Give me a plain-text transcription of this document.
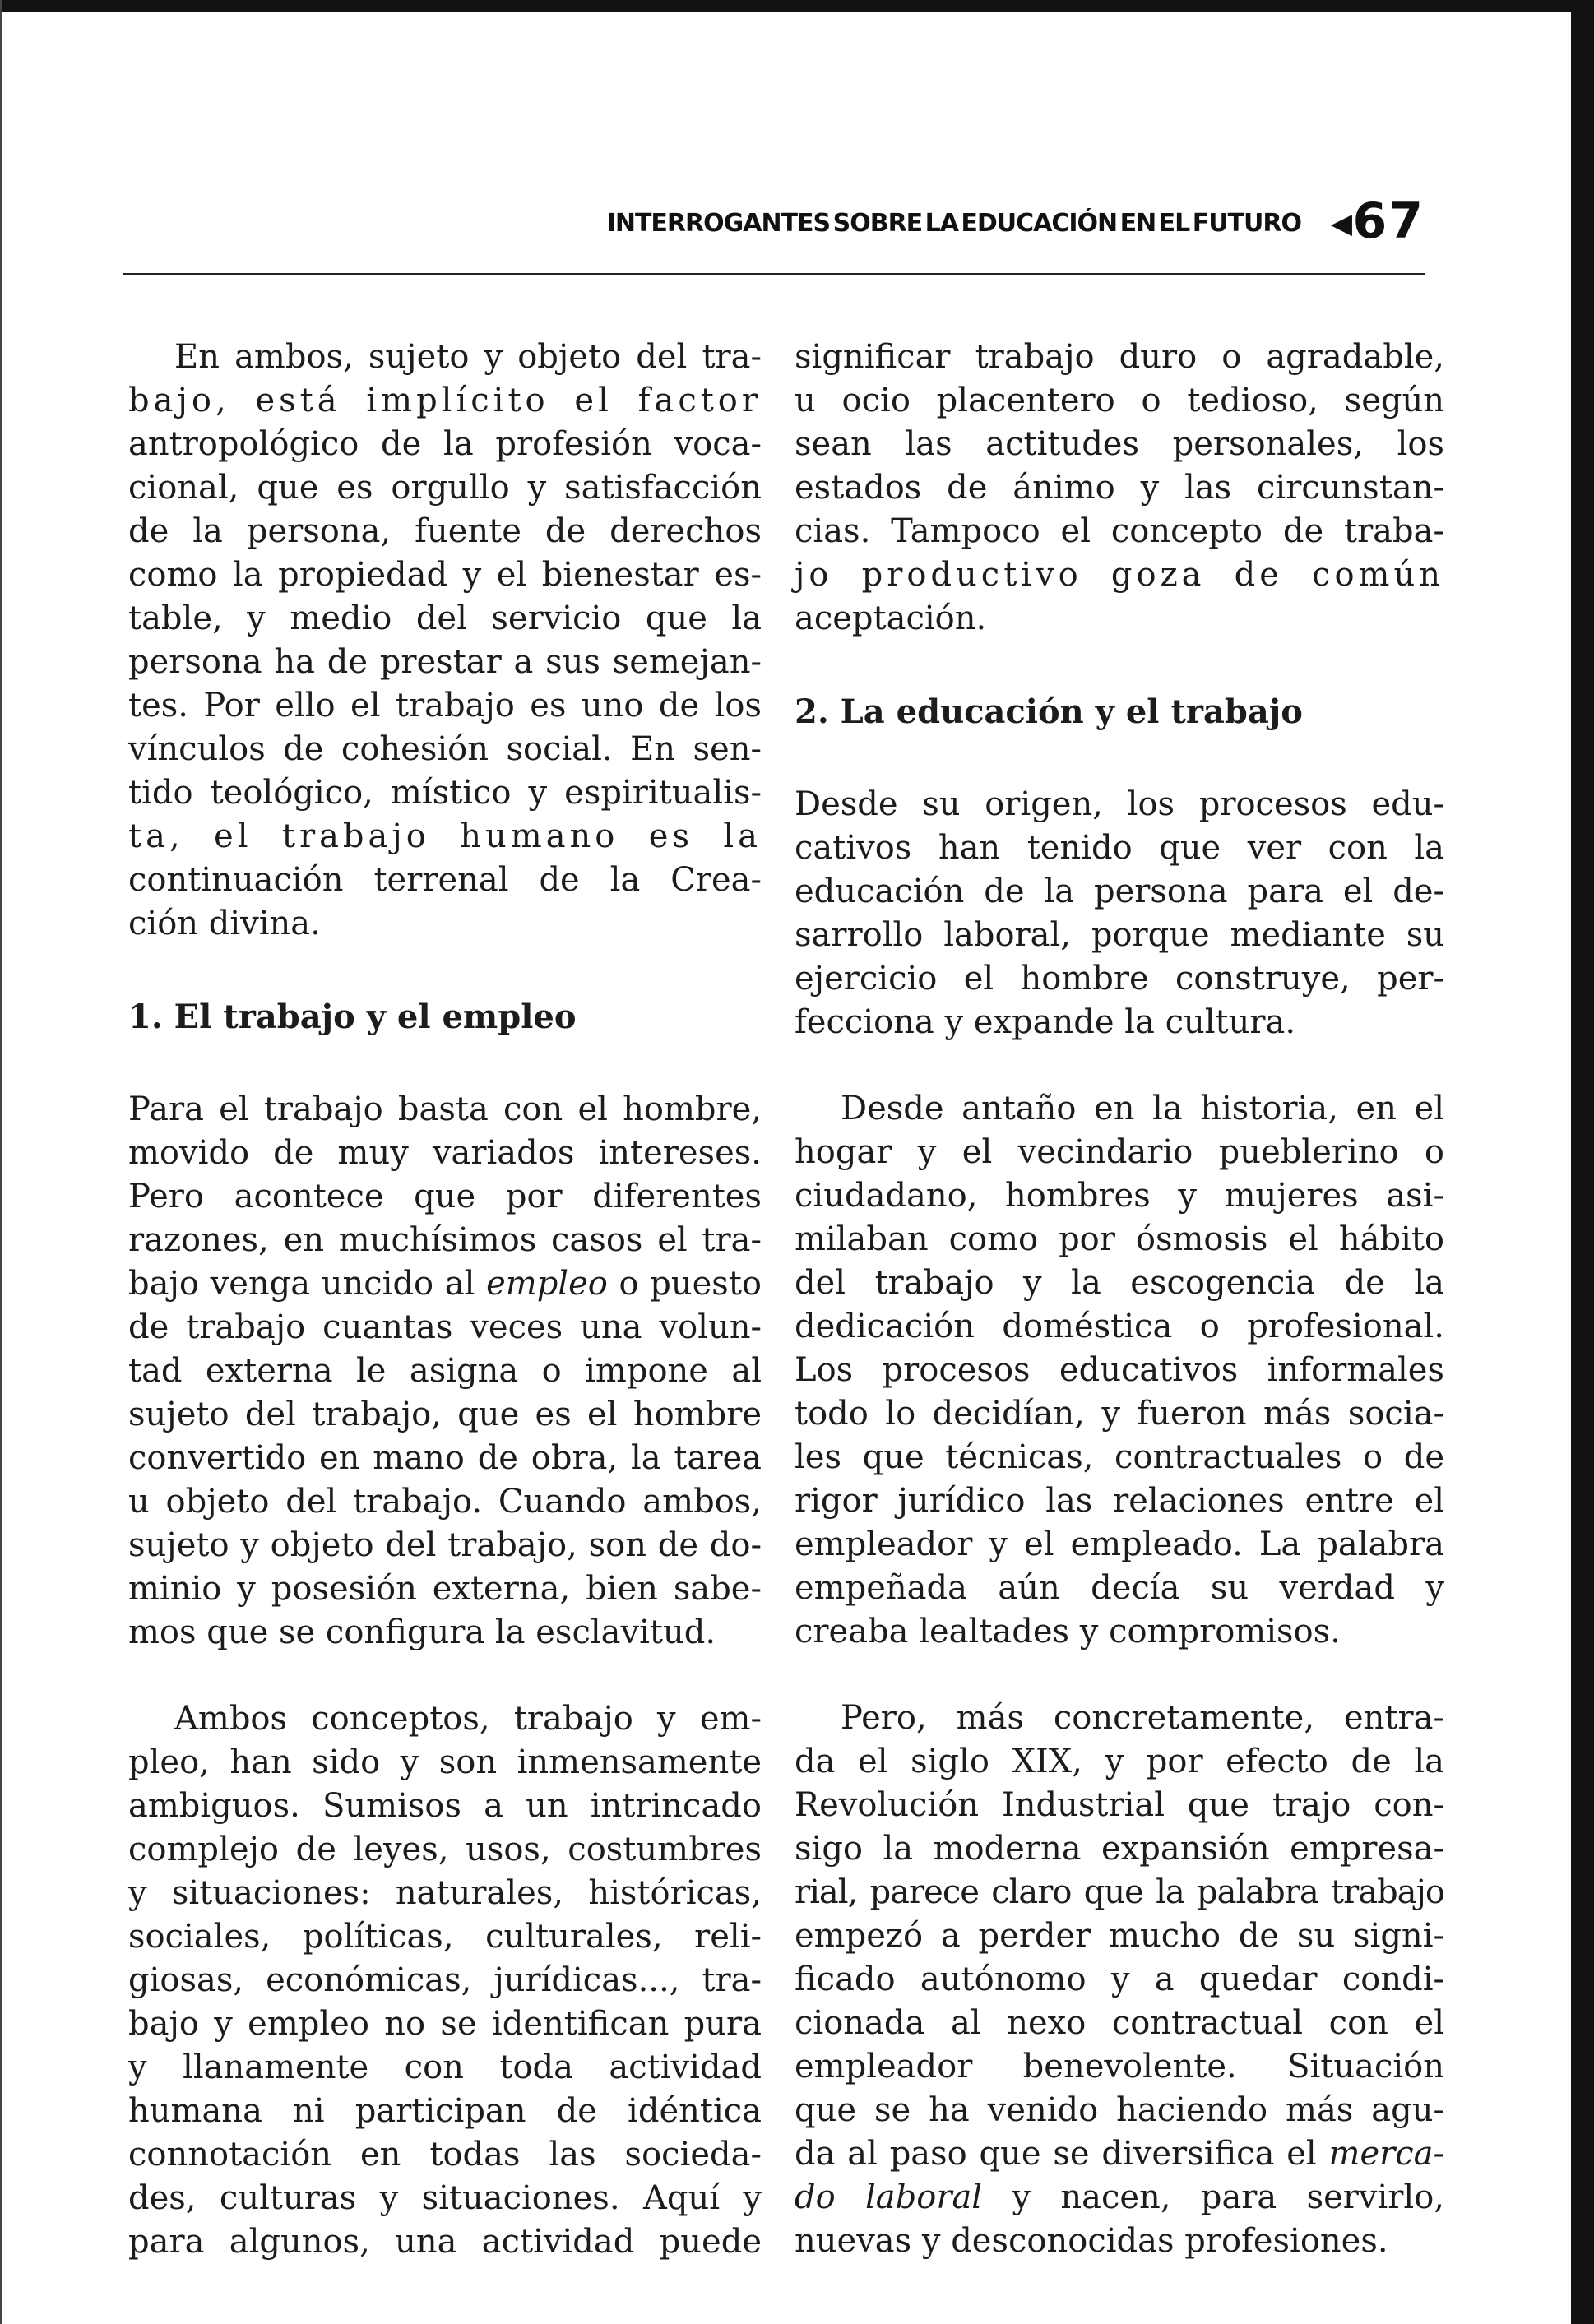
INTERROGANTES SOBRE LA EDUCACIÓN EN EL FUTURO ◀ 67
En ambos, sujeto y objeto del tra-
bajo, está implícito el factor
antropológico de la profesión voca-
cional, que es orgullo y satisfacción
de la persona, fuente de derechos
como la propiedad y el bienestar es-
table, y medio del servicio que la
persona ha de prestar a sus semejan-
tes. Por ello el trabajo es uno de los
vínculos de cohesión social. En sen-
tido teológico, místico y espiritualis-
ta, el trabajo humano es la
continuación terrenal de la Crea-
ción divina.
1. El trabajo y el empleo
Para el trabajo basta con el hombre,
movido de muy variados intereses.
Pero acontece que por diferentes
razones, en muchísimos casos el tra-
bajo venga uncido al empleo o puesto
de trabajo cuantas veces una volun-
tad externa le asigna o impone al
sujeto del trabajo, que es el hombre
convertido en mano de obra, la tarea
u objeto del trabajo. Cuando ambos,
sujeto y objeto del trabajo, son de do-
minio y posesión externa, bien sabe-
mos que se configura la esclavitud.
Ambos conceptos, trabajo y em-
pleo, han sido y son inmensamente
ambiguos. Sumisos a un intrincado
complejo de leyes, usos, costumbres
y situaciones: naturales, históricas,
sociales, políticas, culturales, reli-
giosas, económicas, jurídicas..., tra-
bajo y empleo no se identifican pura
y llanamente con toda actividad
humana ni participan de idéntica
connotación en todas las socieda-
des, culturas y situaciones. Aquí y
para algunos, una actividad puede
significar trabajo duro o agradable,
u ocio placentero o tedioso, según
sean las actitudes personales, los
estados de ánimo y las circunstan-
cias. Tampoco el concepto de traba-
jo productivo goza de común
aceptación.
2. La educación y el trabajo
Desde su origen, los procesos edu-
cativos han tenido que ver con la
educación de la persona para el de-
sarrollo laboral, porque mediante su
ejercicio el hombre construye, per-
fecciona y expande la cultura.
Desde antaño en la historia, en el
hogar y el vecindario pueblerino o
ciudadano, hombres y mujeres asi-
milaban como por ósmosis el hábito
del trabajo y la escogencia de la
dedicación doméstica o profesional.
Los procesos educativos informales
todo lo decidían, y fueron más socia-
les que técnicas, contractuales o de
rigor jurídico las relaciones entre el
empleador y el empleado. La palabra
empeñada aún decía su verdad y
creaba lealtades y compromisos.
Pero, más concretamente, entra-
da el siglo XIX, y por efecto de la
Revolución Industrial que trajo con-
sigo la moderna expansión empresa-
rial, parece claro que la palabra trabajo
empezó a perder mucho de su signi-
ficado autónomo y a quedar condi-
cionada al nexo contractual con el
empleador benevolente. Situación
que se ha venido haciendo más agu-
da al paso que se diversifica el merca-
do laboral y nacen, para servirlo,
nuevas y desconocidas profesiones.
